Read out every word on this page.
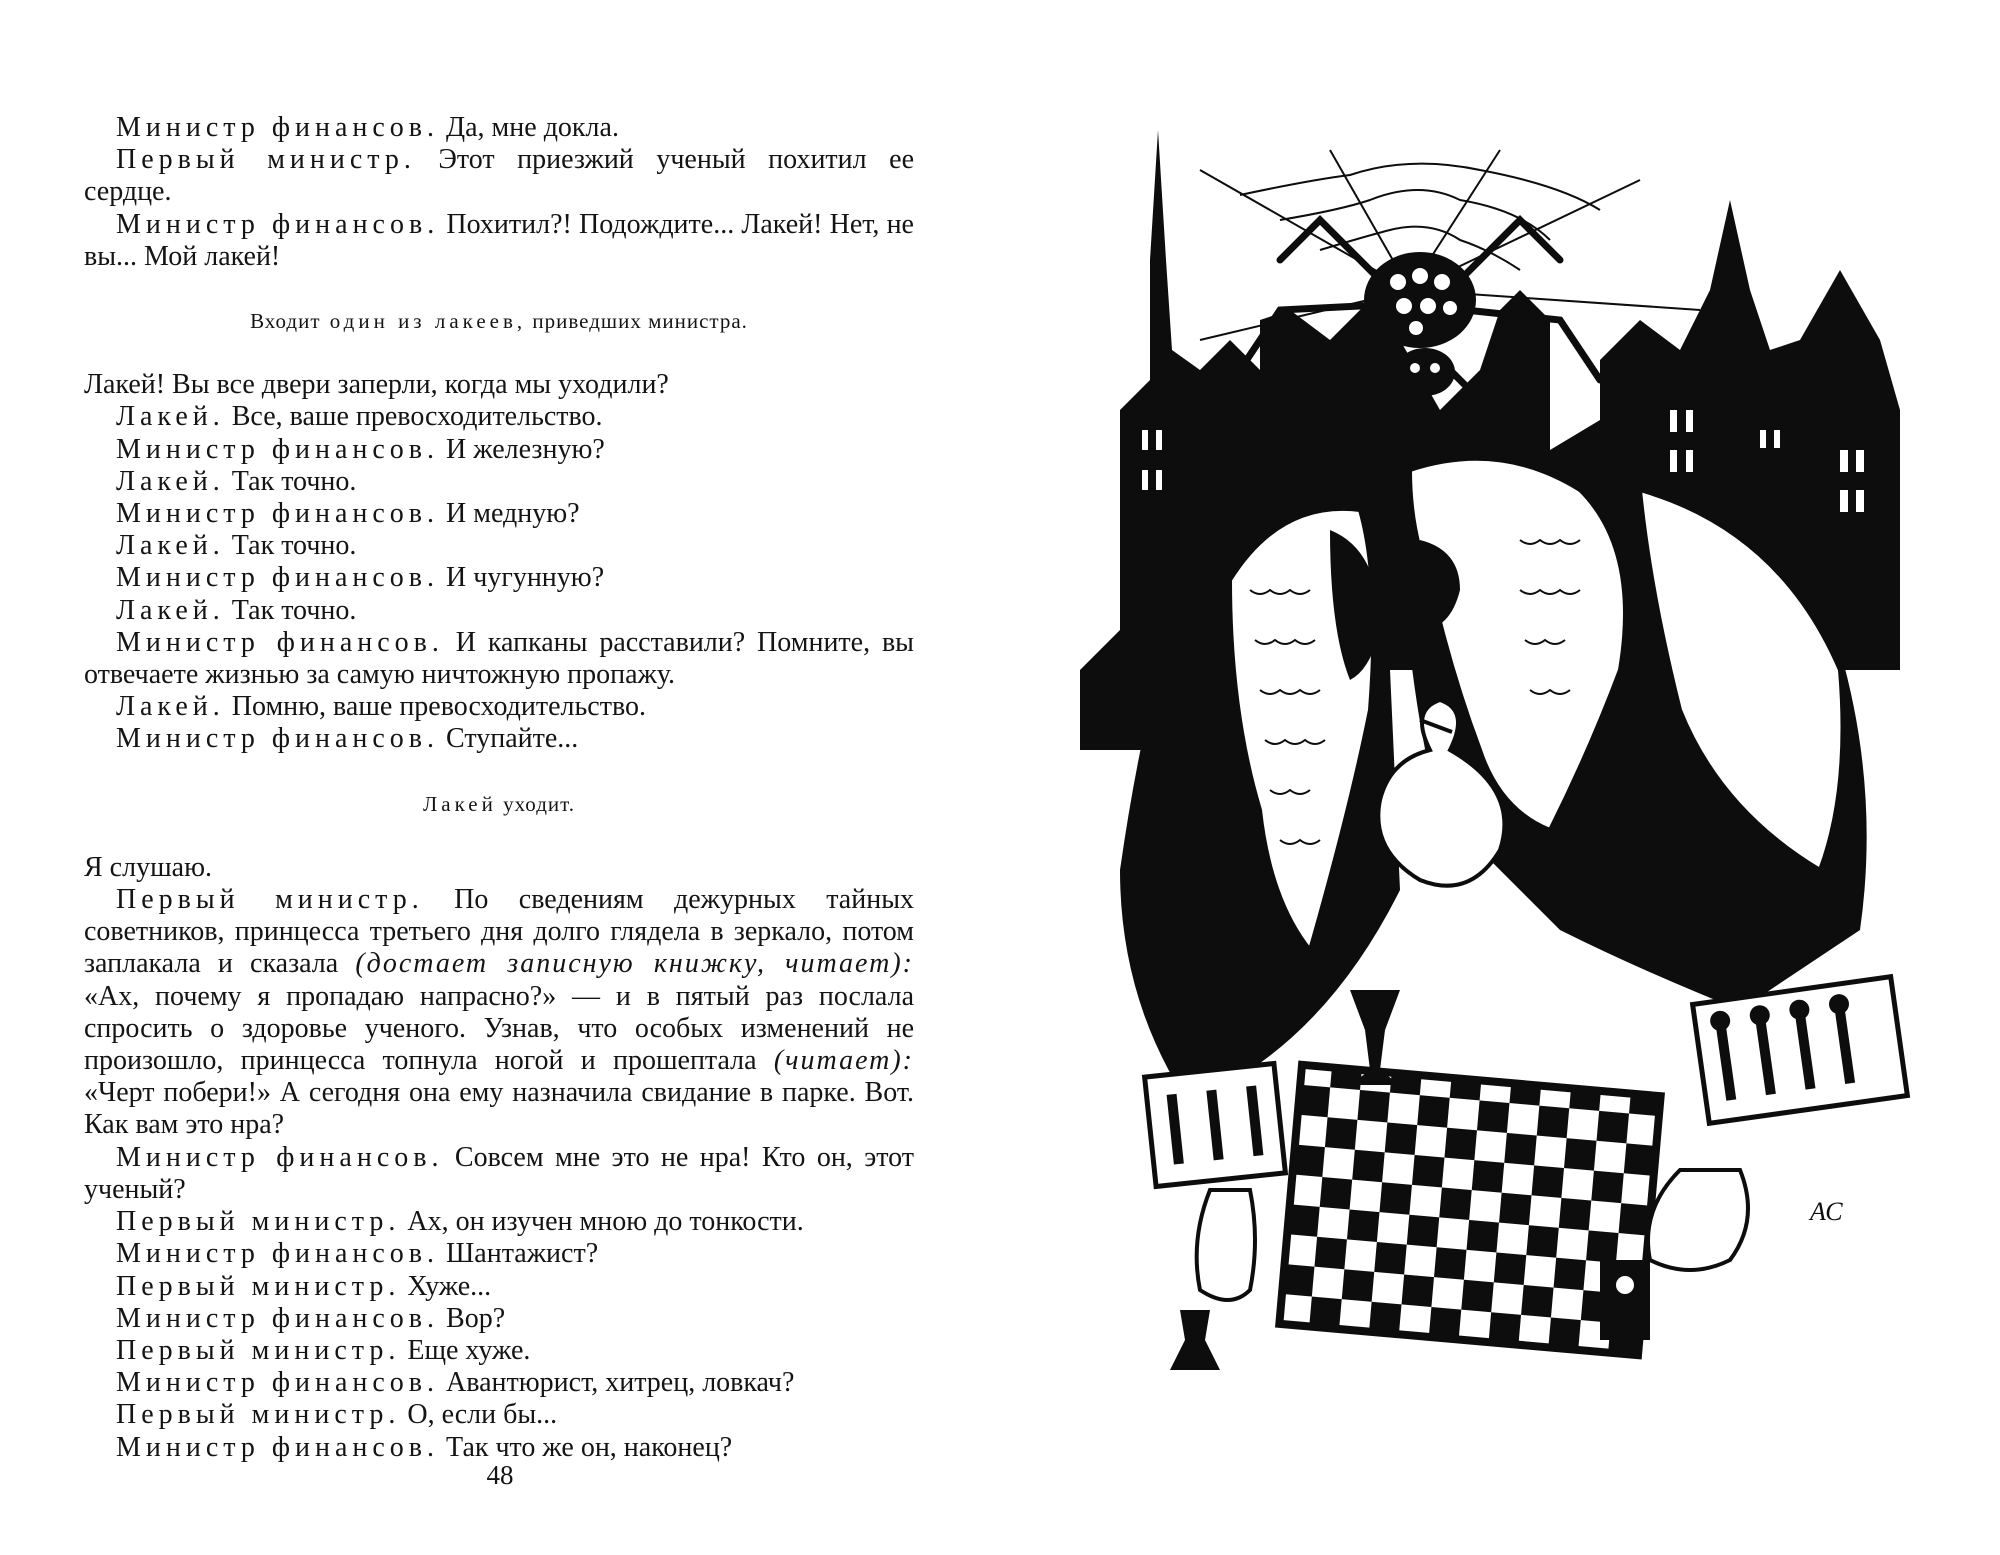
Министр финансов. Да, мне докла.

Первый министр. Этот приезжий ученый похитил ее сердце.

Министр финансов. Похитил?! Подождите... Лакей! Нет, не вы... Мой лакей!

Входит один из лакеев, приведших министра.

Лакей! Вы все двери заперли, когда мы уходили?

Лакей. Все, ваше превосходительство.

Министр финансов. И железную?

Лакей. Так точно.

Министр финансов. И медную?

Лакей. Так точно.

Министр финансов. И чугунную?

Лакей. Так точно.

Министр финансов. И капканы расставили? Помните, вы отвечаете жизнью за самую ничтожную пропажу.

Лакей. Помню, ваше превосходительство.

Министр финансов. Ступайте...

Лакей уходит.

Я слушаю.

Первый министр. По сведениям дежурных тайных советников, принцесса третьего дня долго глядела в зеркало, потом заплакала и сказала (достает записную книжку, читает): «Ах, почему я пропадаю напрасно?» — и в пятый раз послала спросить о здоровье ученого. Узнав, что особых изменений не произошло, принцесса топнула ногой и прошептала (читает): «Черт побери!» А сегодня она ему назначила свидание в парке. Вот. Как вам это нра?

Министр финансов. Совсем мне это не нра! Кто он, этот ученый?

Первый министр. Ах, он изучен мною до тонкости.

Министр финансов. Шантажист?

Первый министр. Хуже...

Министр финансов. Вор?

Первый министр. Еще хуже.

Министр финансов. Авантюрист, хитрец, ловкач?

Первый министр. О, если бы...

Министр финансов. Так что же он, наконец?

48
АС
